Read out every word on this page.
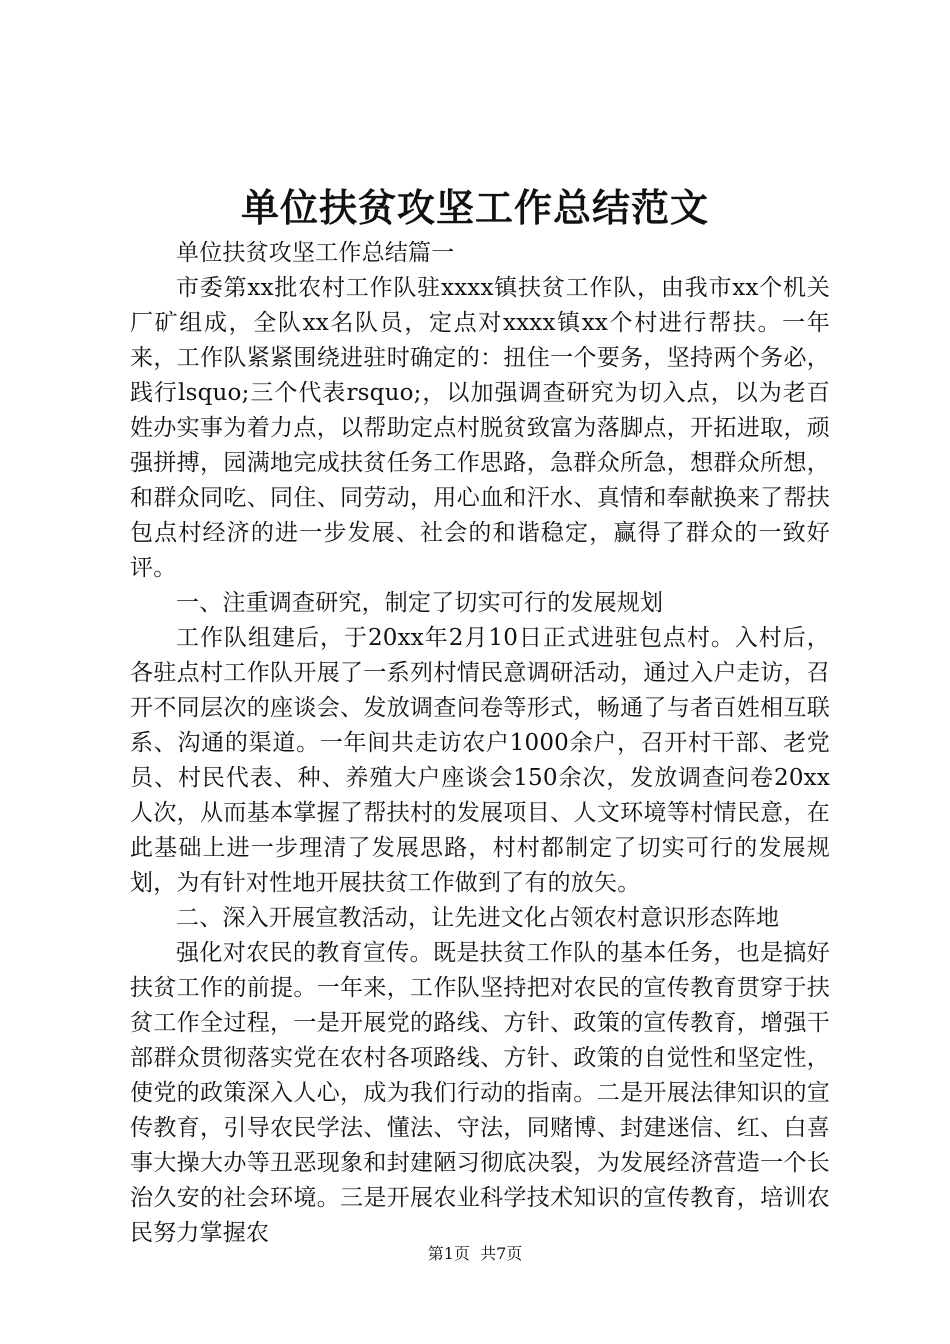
单位扶贫攻坚工作总结范文

单位扶贫攻坚工作总结篇一

市委第xx批农村工作队驻xxxx镇扶贫工作队，由我市xx个机关厂矿组成，全队xx名队员，定点对xxxx镇xx个村进行帮扶。一年来，工作队紧紧围绕进驻时确定的：扭住一个要务，坚持两个务必，践行lsquo;三个代表rsquo;，以加强调查研究为切入点，以为老百姓办实事为着力点，以帮助定点村脱贫致富为落脚点，开拓进取，顽强拼搏，园满地完成扶贫任务工作思路，急群众所急，想群众所想，和群众同吃、同住、同劳动，用心血和汗水、真情和奉献换来了帮扶包点村经济的进一步发展、社会的和谐稳定，赢得了群众的一致好评。

一、注重调查研究，制定了切实可行的发展规划

工作队组建后，于20xx年2月10日正式进驻包点村。入村后，各驻点村工作队开展了一系列村情民意调研活动，通过入户走访，召开不同层次的座谈会、发放调查问卷等形式，畅通了与者百姓相互联系、沟通的渠道。一年间共走访农户1000余户，召开村干部、老党员、村民代表、种、养殖大户座谈会150余次，发放调查问卷20xx人次，从而基本掌握了帮扶村的发展项目、人文环境等村情民意，在此基础上进一步理清了发展思路，村村都制定了切实可行的发展规划，为有针对性地开展扶贫工作做到了有的放矢。

二、深入开展宣教活动，让先进文化占领农村意识形态阵地

强化对农民的教育宣传。既是扶贫工作队的基本任务，也是搞好扶贫工作的前提。一年来，工作队坚持把对农民的宣传教育贯穿于扶贫工作全过程，一是开展党的路线、方针、政策的宣传教育，增强干部群众贯彻落实党在农村各项路线、方针、政策的自觉性和坚定性，使党的政策深入人心，成为我们行动的指南。二是开展法律知识的宣传教育，引导农民学法、懂法、守法，同赌博、封建迷信、红、白喜事大操大办等丑恶现象和封建陋习彻底决裂，为发展经济营造一个长治久安的社会环境。三是开展农业科学技术知识的宣传教育，培训农民努力掌握农

第1页  共7页
